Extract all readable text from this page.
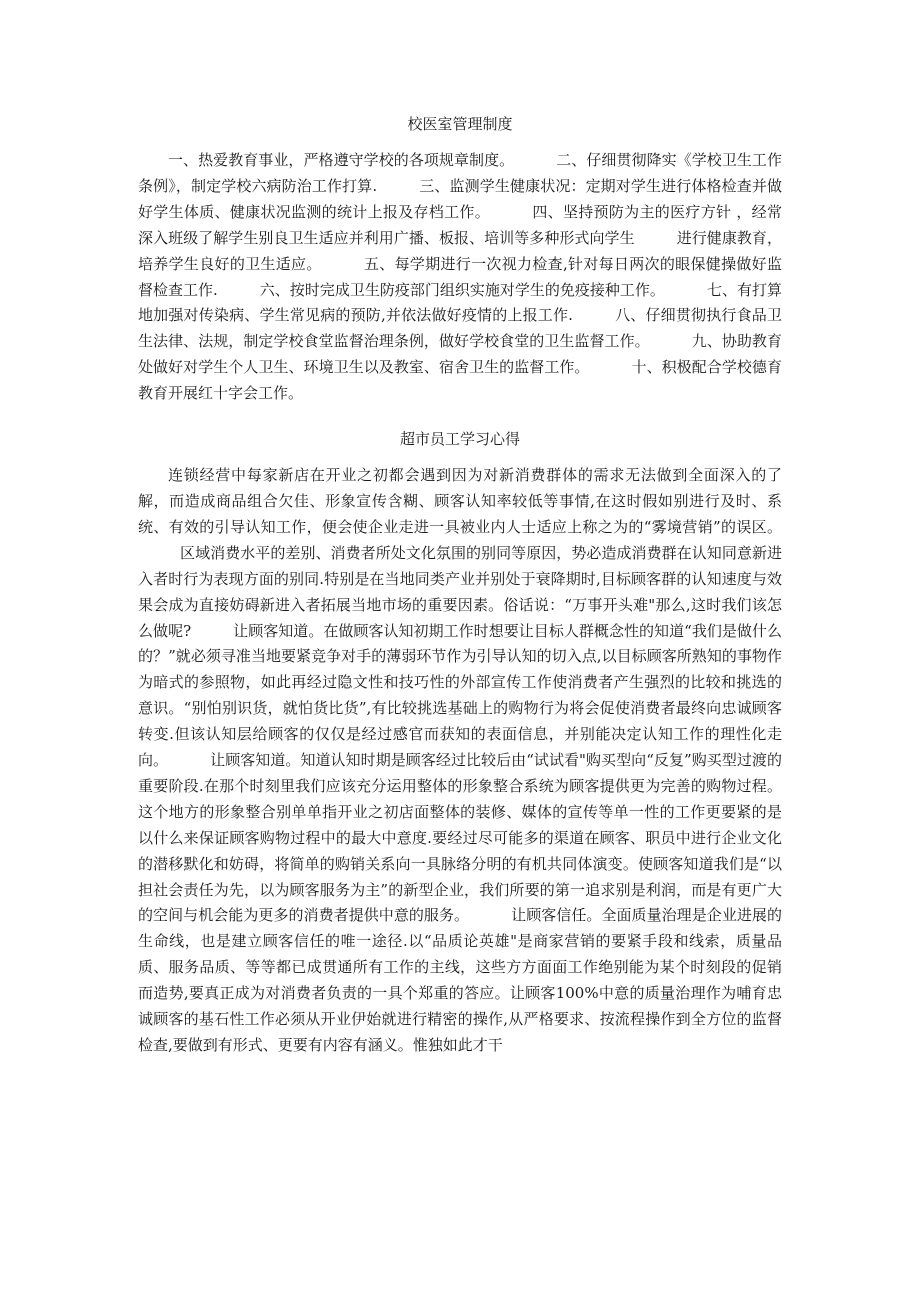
校医室管理制度

一、热爱教育事业，严格遵守学校的各项规章制度。	二、仔细贯彻降实《学校卫生工作条例》，制定学校六病防治工作打算.	三、监测学生健康状况：定期对学生进行体格检查并做好学生体质、健康状况监测的统计上报及存档工作。	四、坚持预防为主的医疗方针 ，经常深入班级了解学生别良卫生适应并利用广播、板报、培训等多种形式向学生	进行健康教育，培养学生良好的卫生适应。	五、每学期进行一次视力检查,针对每日两次的眼保健操做好监督检查工作.	六、按时完成卫生防疫部门组织实施对学生的免疫接种工作。	七、有打算地加强对传染病、学生常见病的预防,并依法做好疫情的上报工作.	八、仔细贯彻执行食品卫生法律、法规，制定学校食堂监督治理条例，做好学校食堂的卫生监督工作。	九、协助教育处做好对学生个人卫生、环境卫生以及教室、宿舍卫生的监督工作。	十、积极配合学校德育教育开展红十字会工作。

超市员工学习心得

连锁经营中每家新店在开业之初都会遇到因为对新消费群体的需求无法做到全面深入的了解，而造成商品组合欠佳、形象宣传含糊、顾客认知率较低等事情,在这时假如别进行及时、系统、有效的引导认知工作，便会使企业走进一具被业内人士适应上称之为的“雾境营销”的误区。区域消费水平的差别、消费者所处文化氛围的别同等原因，势必造成消费群在认知同意新进入者时行为表现方面的别同.特别是在当地同类产业并别处于衰降期时,目标顾客群的认知速度与效果会成为直接妨碍新进入者拓展当地市场的重要因素。俗话说：“万事开头难"那么,这时我们该怎么做呢?	让顾客知道。在做顾客认知初期工作时想要让目标人群概念性的知道“我们是做什么的？”就必须寻准当地要紧竞争对手的薄弱环节作为引导认知的切入点,以目标顾客所熟知的事物作为暗式的参照物，如此再经过隐文性和技巧性的外部宣传工作使消费者产生强烈的比较和挑选的意识。“别怕别识货，就怕货比货”,有比较挑选基础上的购物行为将会促使消费者最终向忠诚顾客转变.但该认知层给顾客的仅仅是经过感官而获知的表面信息，并别能决定认知工作的理性化走向。	让顾客知道。知道认知时期是顾客经过比较后由“试试看"购买型向“反复”购买型过渡的重要阶段.在那个时刻里我们应该充分运用整体的形象整合系统为顾客提供更为完善的购物过程。这个地方的形象整合别单单指开业之初店面整体的装修、媒体的宣传等单一性的工作更要紧的是以什么来保证顾客购物过程中的最大中意度.要经过尽可能多的渠道在顾客、职员中进行企业文化的潜移默化和妨碍，将简单的购销关系向一具脉络分明的有机共同体演变。使顾客知道我们是“以担社会责任为先，以为顾客服务为主”的新型企业，我们所要的第一追求别是利润，而是有更广大的空间与机会能为更多的消费者提供中意的服务。	让顾客信任。全面质量治理是企业进展的生命线，也是建立顾客信任的唯一途径.以“品质论英雄"是商家营销的要紧手段和线索，质量品质、服务品质、等等都已成贯通所有工作的主线，这些方方面面工作绝别能为某个时刻段的促销而造势,要真正成为对消费者负责的一具个郑重的答应。让顾客100%中意的质量治理作为哺育忠诚顾客的基石性工作必须从开业伊始就进行精密的操作,从严格要求、按流程操作到全方位的监督检查,要做到有形式、更要有内容有涵义。惟独如此才干
